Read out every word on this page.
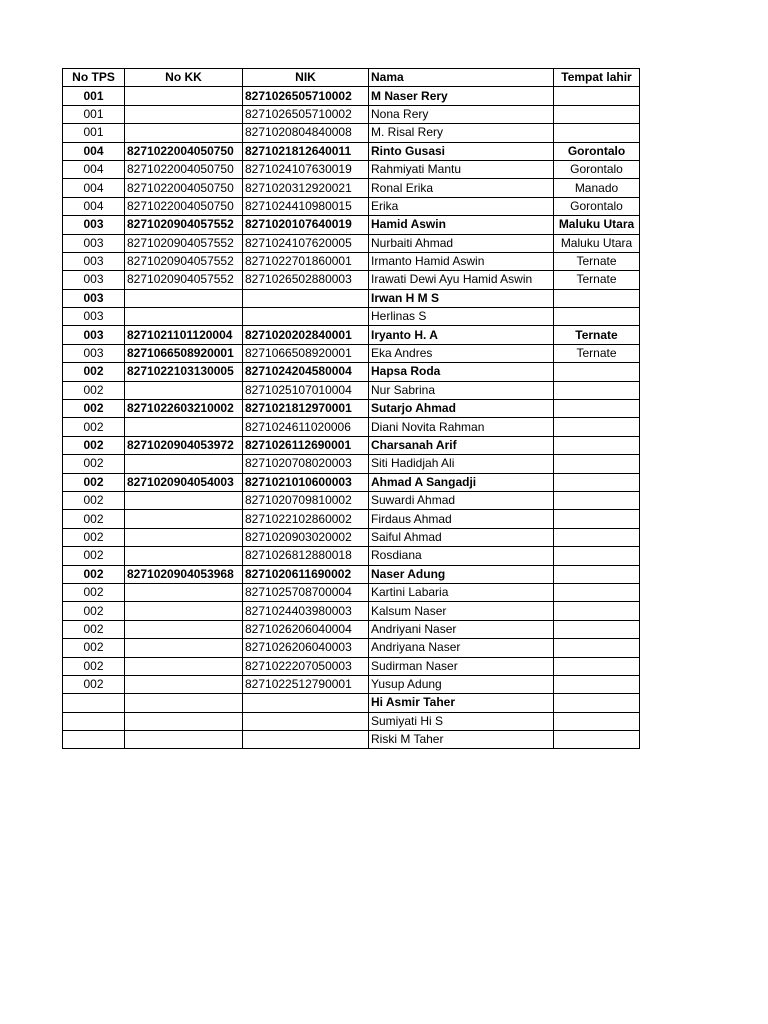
No TPS	No KK	NIK	Nama	Tempat lahir
001		8271026505710002	M Naser Rery	
001		8271026505710002	Nona Rery	
001		8271020804840008	M. Risal Rery	
004	8271022004050750	8271021812640011	Rinto Gusasi	Gorontalo
004	8271022004050750	8271024107630019	Rahmiyati Mantu	Gorontalo
004	8271022004050750	8271020312920021	Ronal Erika	Manado
004	8271022004050750	8271024410980015	Erika	Gorontalo
003	8271020904057552	8271020107640019	Hamid Aswin	Maluku Utara
003	8271020904057552	8271024107620005	Nurbaiti Ahmad	Maluku Utara
003	8271020904057552	8271022701860001	Irmanto Hamid Aswin	Ternate
003	8271020904057552	8271026502880003	Irawati Dewi Ayu Hamid Aswin	Ternate
003			Irwan H M S	
003			Herlinas S	
003	8271021101120004	8271020202840001	Iryanto H. A	Ternate
003	8271066508920001	8271066508920001	Eka Andres	Ternate
002	8271022103130005	8271024204580004	Hapsa Roda	
002		8271025107010004	Nur Sabrina	
002	8271022603210002	8271021812970001	Sutarjo Ahmad	
002		8271024611020006	Diani Novita Rahman	
002	8271020904053972	8271026112690001	Charsanah Arif	
002		8271020708020003	Siti Hadidjah Ali	
002	8271020904054003	8271021010600003	Ahmad A Sangadji	
002		8271020709810002	Suwardi Ahmad	
002		8271022102860002	Firdaus Ahmad	
002		8271020903020002	Saiful Ahmad	
002		8271026812880018	Rosdiana	
002	8271020904053968	8271020611690002	Naser Adung	
002		8271025708700004	Kartini Labaria	
002		8271024403980003	Kalsum Naser	
002		8271026206040004	Andriyani Naser	
002		8271026206040003	Andriyana Naser	
002		8271022207050003	Sudirman Naser	
002		8271022512790001	Yusup Adung	
			Hi Asmir Taher	
			Sumiyati Hi S	
			Riski M Taher	
